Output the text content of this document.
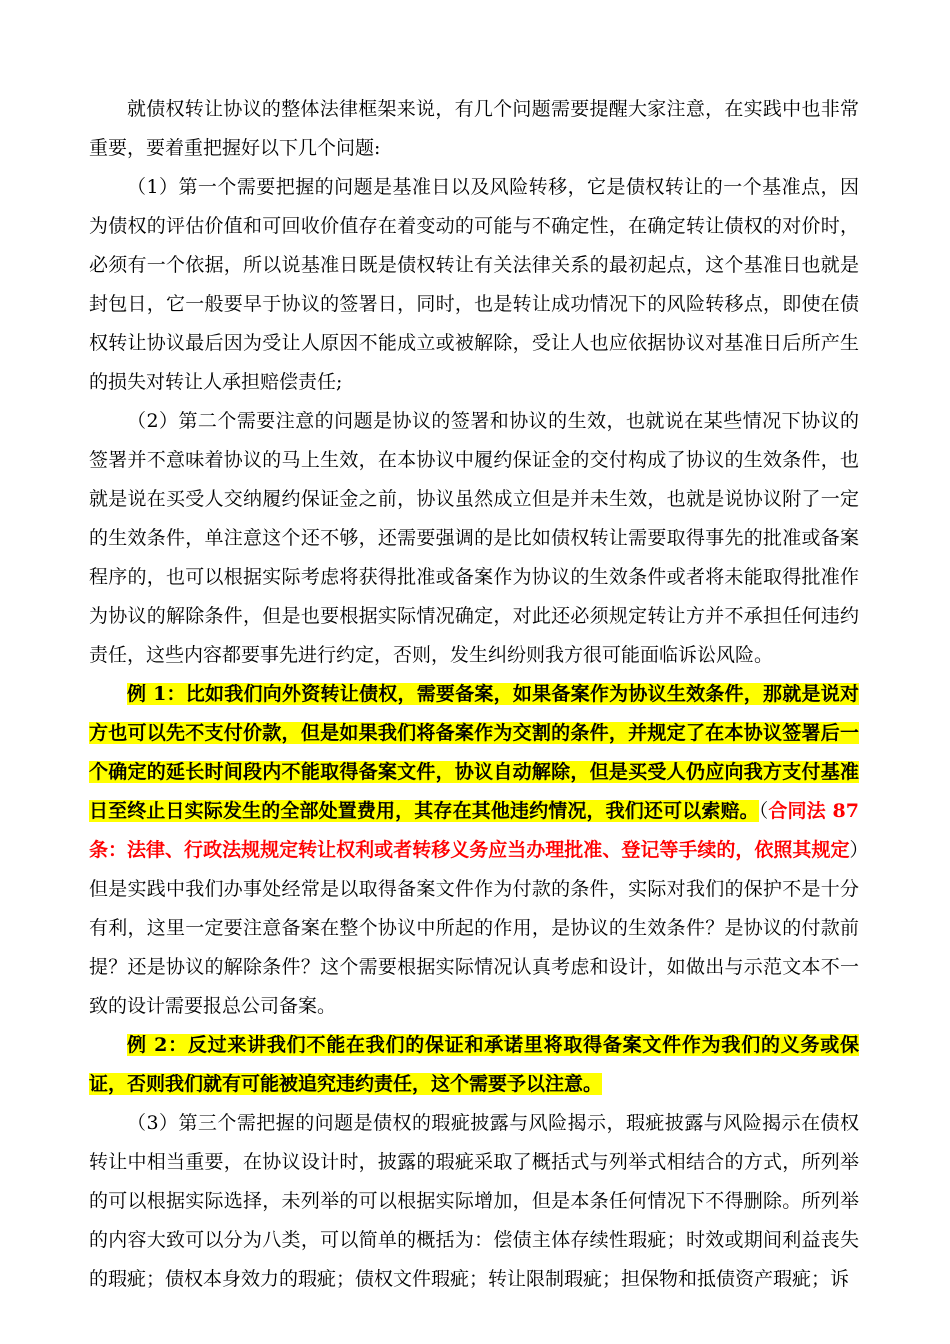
就债权转让协议的整体法律框架来说，有几个问题需要提醒大家注意，在实践中也非常重要，要着重把握好以下几个问题:

（1）第一个需要把握的问题是基准日以及风险转移，它是债权转让的一个基准点，因为债权的评估价值和可回收价值存在着变动的可能与不确定性，在确定转让债权的对价时，必须有一个依据，所以说基准日既是债权转让有关法律关系的最初起点，这个基准日也就是封包日，它一般要早于协议的签署日，同时，也是转让成功情况下的风险转移点，即使在债权转让协议最后因为受让人原因不能成立或被解除，受让人也应依据协议对基准日后所产生的损失对转让人承担赔偿责任;

（2）第二个需要注意的问题是协议的签署和协议的生效，也就说在某些情况下协议的签署并不意味着协议的马上生效，在本协议中履约保证金的交付构成了协议的生效条件，也就是说在买受人交纳履约保证金之前，协议虽然成立但是并未生效，也就是说协议附了一定的生效条件，单注意这个还不够，还需要强调的是比如债权转让需要取得事先的批准或备案程序的，也可以根据实际考虑将获得批准或备案作为协议的生效条件或者将未能取得批准作为协议的解除条件，但是也要根据实际情况确定，对此还必须规定转让方并不承担任何违约责任，这些内容都要事先进行约定，否则，发生纠纷则我方很可能面临诉讼风险。

例 1：比如我们向外资转让债权，需要备案，如果备案作为协议生效条件，那就是说对方也可以先不支付价款，但是如果我们将备案作为交割的条件，并规定了在本协议签署后一个确定的延长时间段内不能取得备案文件，协议自动解除，但是买受人仍应向我方支付基准日至终止日实际发生的全部处置费用，其存在其他违约情况，我们还可以索赔。（合同法 87 条：法律、行政法规规定转让权利或者转移义务应当办理批准、登记等手续的，依照其规定）但是实践中我们办事处经常是以取得备案文件作为付款的条件，实际对我们的保护不是十分有利，这里一定要注意备案在整个协议中所起的作用，是协议的生效条件？是协议的付款前提？还是协议的解除条件？这个需要根据实际情况认真考虑和设计，如做出与示范文本不一致的设计需要报总公司备案。

例 2：反过来讲我们不能在我们的保证和承诺里将取得备案文件作为我们的义务或保证，否则我们就有可能被追究违约责任，这个需要予以注意。

（3）第三个需把握的问题是债权的瑕疵披露与风险揭示，瑕疵披露与风险揭示在债权转让中相当重要，在协议设计时，披露的瑕疵采取了概括式与列举式相结合的方式，所列举的可以根据实际选择，未列举的可以根据实际增加，但是本条任何情况下不得删除。所列举的内容大致可以分为八类，可以简单的概括为：偿债主体存续性瑕疵；时效或期间利益丧失的瑕疵；债权本身效力的瑕疵；债权文件瑕疵；转让限制瑕疵；担保物和抵债资产瑕疵；诉
